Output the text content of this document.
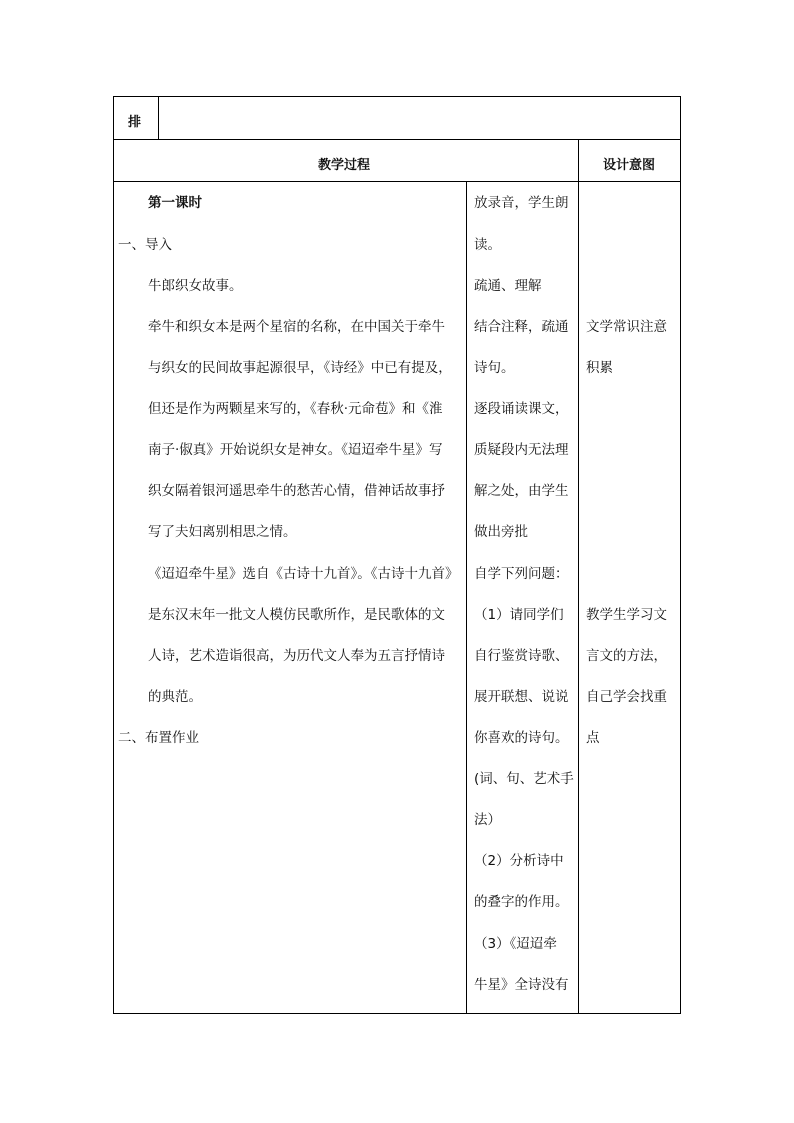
排
教学过程	设计意图
第一课时
一、导入
牛郎织女故事。
牵牛和织女本是两个星宿的名称，在中国关于牵牛
与织女的民间故事起源很早，《诗经》中已有提及，
但还是作为两颗星来写的，《春秋·元命苞》和《淮
南子·俶真》开始说织女是神女。《迢迢牵牛星》写
织女隔着银河遥思牵牛的愁苦心情，借神话故事抒
写了夫妇离别相思之情。
《迢迢牵牛星》选自《古诗十九首》。《古诗十九首》
是东汉末年一批文人模仿民歌所作，是民歌体的文
人诗，艺术造诣很高，为历代文人奉为五言抒情诗
的典范。
二、布置作业
放录音，学生朗
读。
疏通、理解
结合注释，疏通
诗句。
逐段诵读课文，
质疑段内无法理
解之处，由学生
做出旁批
自学下列问题：
（1）请同学们
自行鉴赏诗歌、
展开联想、说说
你喜欢的诗句。
(词、句、艺术手
法）
（2）分析诗中
的叠字的作用。
（3）《迢迢牵
牛星》全诗没有
文学常识注意
积累
教学生学习文
言文的方法，
自己学会找重
点
